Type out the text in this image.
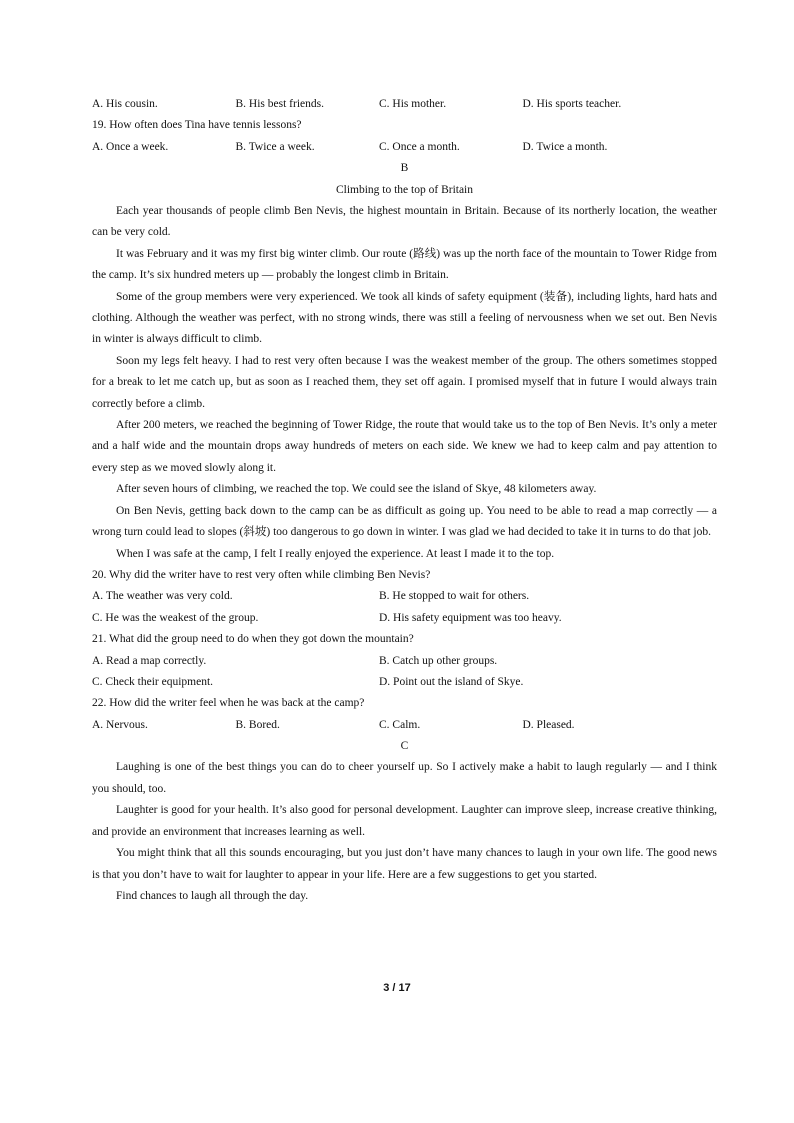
A. His cousin.	B. His best friends.	C. His mother.	D. His sports teacher.
19. How often does Tina have tennis lessons?
A. Once a week.	B. Twice a week.	C. Once a month.	D. Twice a month.
B
Climbing to the top of Britain
Each year thousands of people climb Ben Nevis, the highest mountain in Britain. Because of its northerly location, the weather can be very cold.
It was February and it was my first big winter climb. Our route (路线) was up the north face of the mountain to Tower Ridge from the camp. It’s six hundred meters up — probably the longest climb in Britain.
Some of the group members were very experienced. We took all kinds of safety equipment (装备), including lights, hard hats and clothing. Although the weather was perfect, with no strong winds, there was still a feeling of nervousness when we set out. Ben Nevis in winter is always difficult to climb.
Soon my legs felt heavy. I had to rest very often because I was the weakest member of the group. The others sometimes stopped for a break to let me catch up, but as soon as I reached them, they set off again. I promised myself that in future I would always train correctly before a climb.
After 200 meters, we reached the beginning of Tower Ridge, the route that would take us to the top of Ben Nevis. It’s only a meter and a half wide and the mountain drops away hundreds of meters on each side. We knew we had to keep calm and pay attention to every step as we moved slowly along it.
After seven hours of climbing, we reached the top. We could see the island of Skye, 48 kilometers away.
On Ben Nevis, getting back down to the camp can be as difficult as going up. You need to be able to read a map correctly — a wrong turn could lead to slopes (斜坡) too dangerous to go down in winter. I was glad we had decided to take it in turns to do that job.
When I was safe at the camp, I felt I really enjoyed the experience. At least I made it to the top.
20. Why did the writer have to rest very often while climbing Ben Nevis?
A. The weather was very cold.	B. He stopped to wait for others.
C. He was the weakest of the group.	D. His safety equipment was too heavy.
21. What did the group need to do when they got down the mountain?
A. Read a map correctly.	B. Catch up other groups.
C. Check their equipment.	D. Point out the island of Skye.
22. How did the writer feel when he was back at the camp?
A. Nervous.	B. Bored.	C. Calm.	D. Pleased.
C
Laughing is one of the best things you can do to cheer yourself up. So I actively make a habit to laugh regularly — and I think you should, too.
Laughter is good for your health. It’s also good for personal development. Laughter can improve sleep, increase creative thinking, and provide an environment that increases learning as well.
You might think that all this sounds encouraging, but you just don’t have many chances to laugh in your own life. The good news is that you don’t have to wait for laughter to appear in your life. Here are a few suggestions to get you started.
Find chances to laugh all through the day.
3 / 17
